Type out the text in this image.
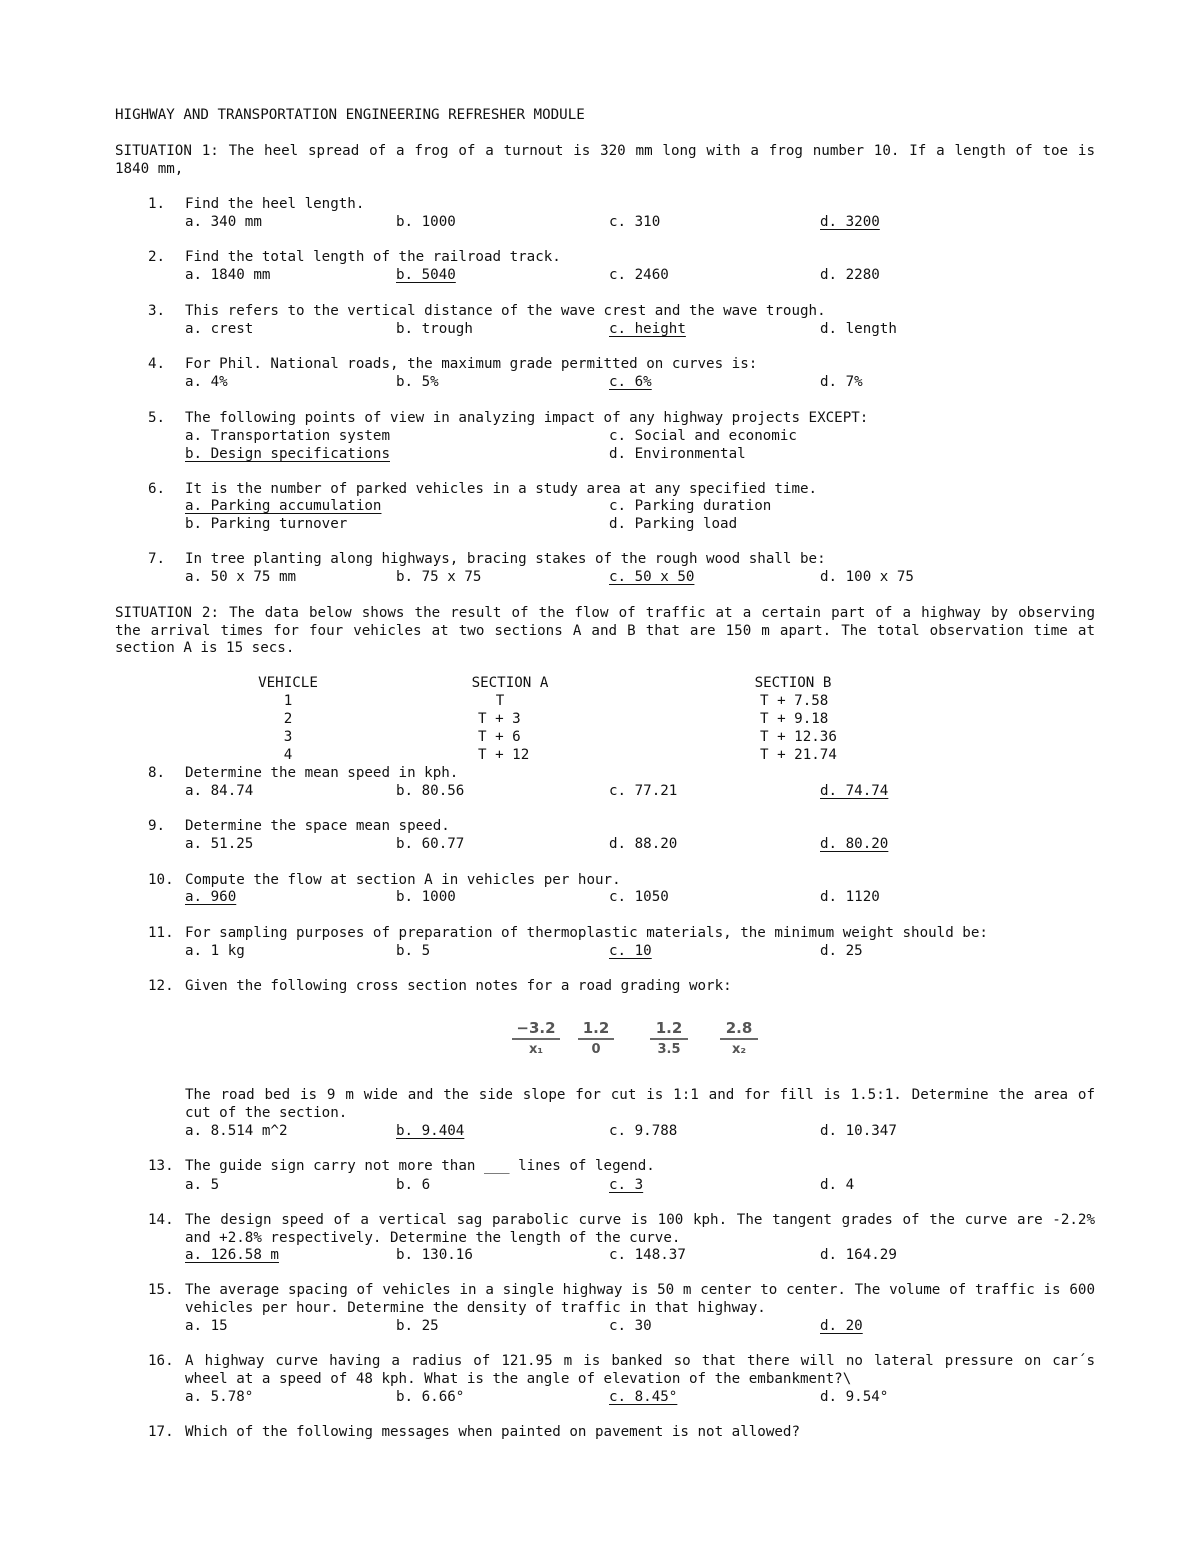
HIGHWAY AND TRANSPORTATION ENGINEERING REFRESHER MODULE
SITUATION 1: The heel spread of a frog of a turnout is 320 mm long with a frog number 10. If a length of toe is 1840 mm,
1. Find the heel length.
a. 340 mm	b. 1000	c. 310	d. 3200
2. Find the total length of the railroad track.
a. 1840 mm	b. 5040	c. 2460	d. 2280
3. This refers to the vertical distance of the wave crest and the wave trough.
a. crest	b. trough	c. height	d. length
4. For Phil. National roads, the maximum grade permitted on curves is:
a. 4%	b. 5%	c. 6%	d. 7%
5. The following points of view in analyzing impact of any highway projects EXCEPT:
a. Transportation system
b. Design specifications
c. Social and economic
d. Environmental
6. It is the number of parked vehicles in a study area at any specified time.
a. Parking accumulation
b. Parking turnover
c. Parking duration
d. Parking load
7. In tree planting along highways, bracing stakes of the rough wood shall be:
a. 50 x 75 mm	b. 75 x 75	c. 50 x 50	d. 100 x 75
SITUATION 2: The data below shows the result of the flow of traffic at a certain part of a highway by observing the arrival times for four vehicles at two sections A and B that are 150 m apart. The total observation time at section A is 15 secs.
VEHICLE	SECTION A	SECTION B
1	T	T + 7.58
2	T + 3	T + 9.18
3	T + 6	T + 12.36
4	T + 12	T + 21.74
8. Determine the mean speed in kph.
a. 84.74	b. 80.56	c. 77.21	d. 74.74
9. Determine the space mean speed.
a. 51.25	b. 60.77	d. 88.20	d. 80.20
10. Compute the flow at section A in vehicles per hour.
a. 960	b. 1000	c. 1050	d. 1120
11. For sampling purposes of preparation of thermoplastic materials, the minimum weight should be:
a. 1 kg	b. 5	c. 10	d. 25
12. Given the following cross section notes for a road grading work:
$\frac{-3.2}{\text{x₁}} \frac{1.2}{0} \frac{1.2}{3.5} \frac{2.8}{\text{x₂}}$
The road bed is 9 m wide and the side slope for cut is 1:1 and for fill is 1.5:1. Determine the area of cut of the section.
a. 8.514 m^2	b. 9.404	c. 9.788	d. 10.347
13. The guide sign carry not more than ___ lines of legend.
a. 5	b. 6	c. 3	d. 4
14. The design speed of a vertical sag parabolic curve is 100 kph. The tangent grades of the curve are -2.2% and +2.8% respectively. Determine the length of the curve.
a. 126.58 m	b. 130.16	c. 148.37	d. 164.29
15. The average spacing of vehicles in a single highway is 50 m center to center. The volume of traffic is 600 vehicles per hour. Determine the density of traffic in that highway.
a. 15	b. 25	c. 30	d. 20
16. A highway curve having a radius of 121.95 m is banked so that there will no lateral pressure on car´s wheel at a speed of 48 kph. What is the angle of elevation of the embankment?\
a. 5.78°	b. 6.66°	c. 8.45°	d. 9.54°
17. Which of the following messages when painted on pavement is not allowed?
